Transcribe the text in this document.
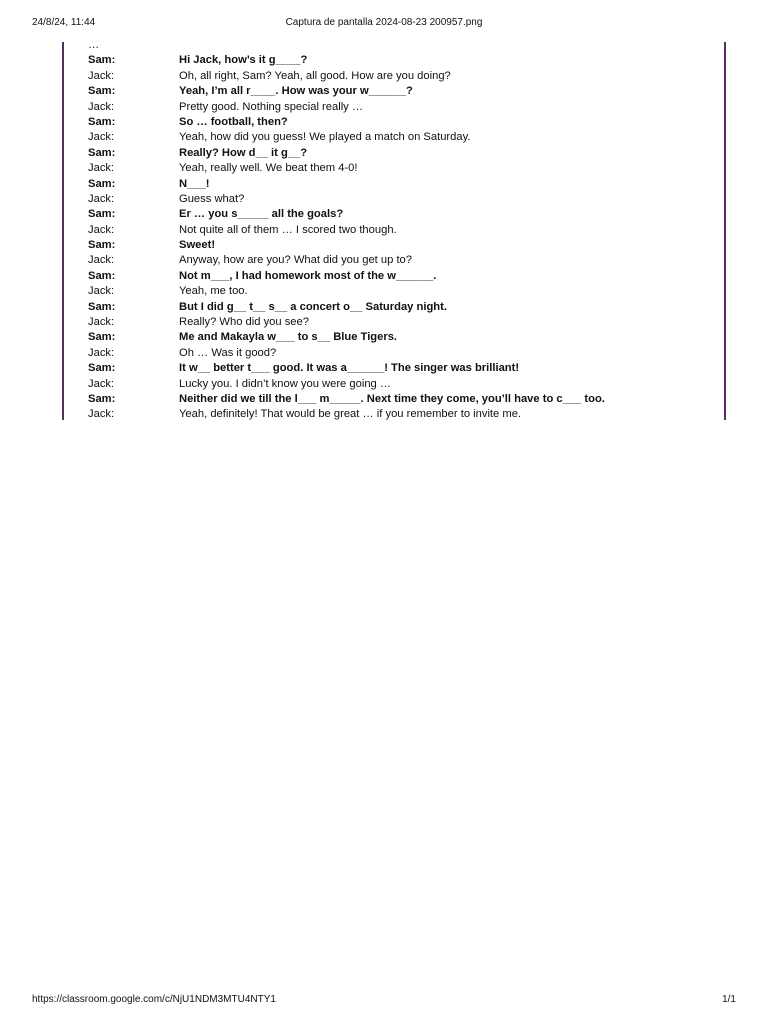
24/8/24, 11:44	Captura de pantalla 2024-08-23 200957.png
…
Sam:	Hi Jack, how’s it g____?
Jack:	Oh, all right, Sam? Yeah, all good. How are you doing?
Sam:	Yeah, I’m all r____. How was your w______?
Jack:	Pretty good. Nothing special really …
Sam:	So … football, then?
Jack:	Yeah, how did you guess! We played a match on Saturday.
Sam:	Really? How d__ it g__?
Jack:	Yeah, really well. We beat them 4-0!
Sam:	N___!
Jack:	Guess what?
Sam:	Er … you s_____ all the goals?
Jack:	Not quite all of them … I scored two though.
Sam:	Sweet!
Jack:	Anyway, how are you? What did you get up to?
Sam:	Not m___, I had homework most of the w______.
Jack:	Yeah, me too.
Sam:	But I did g__ t__ s__ a concert o__ Saturday night.
Jack:	Really? Who did you see?
Sam:	Me and Makayla w___ to s__ Blue Tigers.
Jack:	Oh … Was it good?
Sam:	It w__ better t___ good. It was a______! The singer was brilliant!
Jack:	Lucky you. I didn’t know you were going …
Sam:	Neither did we till the l___ m_____. Next time they come, you’ll have to c___ too.
Jack:	Yeah, definitely! That would be great … if you remember to invite me.
https://classroom.google.com/c/NjU1NDM3MTU4NTY1	1/1
